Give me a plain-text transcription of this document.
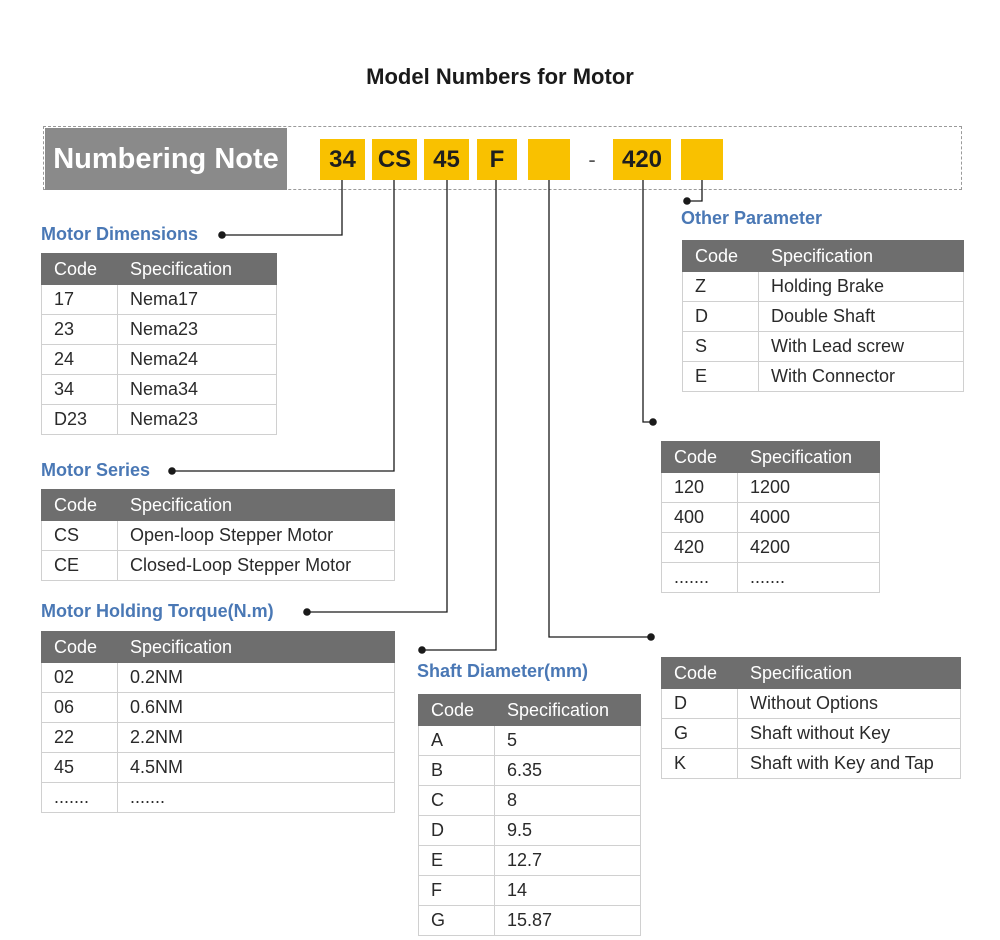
Model Numbers for Motor
Numbering Note	34 CS 45	F	-	420
Motor Dimensions
Code	Specification
17	Nema17
23	Nema23
24	Nema24
34	Nema34
D23	Nema23
Motor Series
Code	Specification
CS	Open-loop Stepper Motor
CE	Closed-Loop Stepper Motor
Motor Holding Torque(N.m)
Code	Specification
02	0.2NM
06	0.6NM
22	2.2NM
45	4.5NM
.......	.......
Shaft Diameter(mm)
Code	Specification
A	5
B	6.35
C	8
D	9.5
E	12.7
F	14
G	15.87
Other Parameter
Code	Specification
Z	Holding Brake
D	Double Shaft
S	With Lead screw
E	With Connector
Code	Specification
120	1200
400	4000
420	4200
.......	.......
Code	Specification
D	Without Options
G	Shaft without Key
K	Shaft with Key and Tap
